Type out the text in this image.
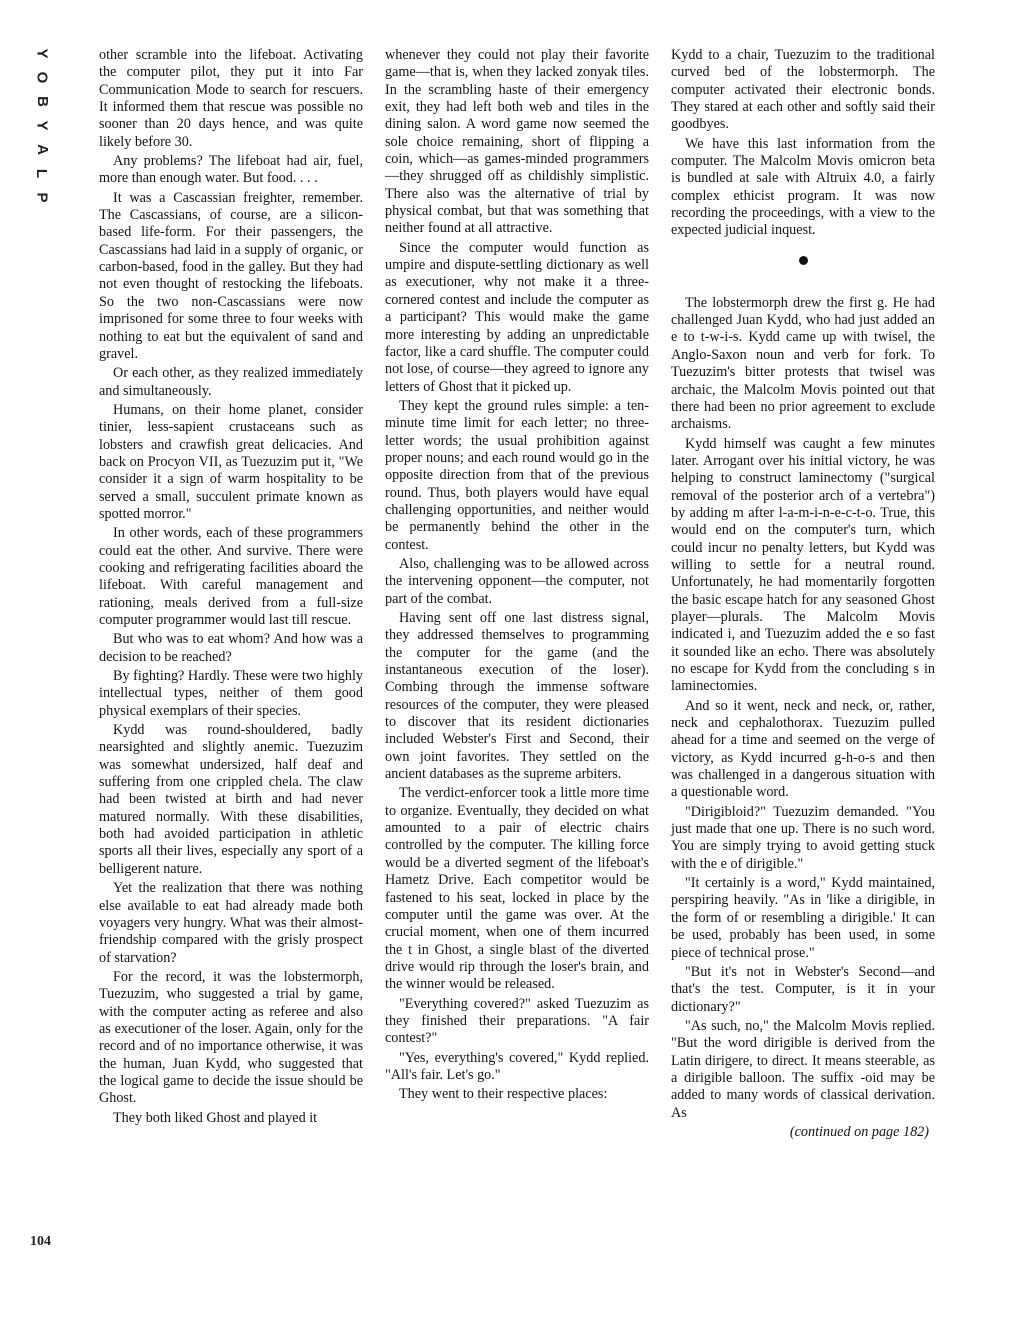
Y
O
B
Y
A
L
P
104

other scramble into the lifeboat. Activating the computer pilot, they put it into Far Communication Mode to search for rescuers. It informed them that rescue was possible no sooner than 20 days hence, and was quite likely before 30.

Any problems? The lifeboat had air, fuel, more than enough water. But food. . . .

It was a Cascassian freighter, remember. The Cascassians, of course, are a silicon-based life-form. For their passengers, the Cascassians had laid in a supply of organic, or carbon-based, food in the galley. But they had not even thought of restocking the lifeboats. So the two non-Cascassians were now imprisoned for some three to four weeks with nothing to eat but the equivalent of sand and gravel.

Or each other, as they realized immediately and simultaneously.

Humans, on their home planet, consider tinier, less-sapient crustaceans such as lobsters and crawfish great delicacies. And back on Procyon VII, as Tuezuzim put it, "We consider it a sign of warm hospitality to be served a small, succulent primate known as spotted morror."

In other words, each of these programmers could eat the other. And survive. There were cooking and refrigerating facilities aboard the lifeboat. With careful management and rationing, meals derived from a full-size computer programmer would last till rescue.

But who was to eat whom? And how was a decision to be reached?

By fighting? Hardly. These were two highly intellectual types, neither of them good physical exemplars of their species.

Kydd was round-shouldered, badly nearsighted and slightly anemic. Tuezuzim was somewhat undersized, half deaf and suffering from one crippled chela. The claw had been twisted at birth and had never matured normally. With these disabilities, both had avoided participation in athletic sports all their lives, especially any sport of a belligerent nature.

Yet the realization that there was nothing else available to eat had already made both voyagers very hungry. What was their almost-friendship compared with the grisly prospect of starvation?

For the record, it was the lobstermorph, Tuezuzim, who suggested a trial by game, with the computer acting as referee and also as executioner of the loser. Again, only for the record and of no importance otherwise, it was the human, Juan Kydd, who suggested that the logical game to decide the issue should be Ghost.

They both liked Ghost and played it

whenever they could not play their favorite game—that is, when they lacked zonyak tiles. In the scrambling haste of their emergency exit, they had left both web and tiles in the dining salon. A word game now seemed the sole choice remaining, short of flipping a coin, which—as games-minded programmers—they shrugged off as childishly simplistic. There also was the alternative of trial by physical combat, but that was something that neither found at all attractive.

Since the computer would function as umpire and dispute-settling dictionary as well as executioner, why not make it a three-cornered contest and include the computer as a participant? This would make the game more interesting by adding an unpredictable factor, like a card shuffle. The computer could not lose, of course—they agreed to ignore any letters of Ghost that it picked up.

They kept the ground rules simple: a ten-minute time limit for each letter; no three-letter words; the usual prohibition against proper nouns; and each round would go in the opposite direction from that of the previous round. Thus, both players would have equal challenging opportunities, and neither would be permanently behind the other in the contest.

Also, challenging was to be allowed across the intervening opponent—the computer, not part of the combat.

Having sent off one last distress signal, they addressed themselves to programming the computer for the game (and the instantaneous execution of the loser). Combing through the immense software resources of the computer, they were pleased to discover that its resident dictionaries included Webster's First and Second, their own joint favorites. They settled on the ancient databases as the supreme arbiters.

The verdict-enforcer took a little more time to organize. Eventually, they decided on what amounted to a pair of electric chairs controlled by the computer. The killing force would be a diverted segment of the lifeboat's Hametz Drive. Each competitor would be fastened to his seat, locked in place by the computer until the game was over. At the crucial moment, when one of them incurred the t in Ghost, a single blast of the diverted drive would rip through the loser's brain, and the winner would be released.

"Everything covered?" asked Tuezuzim as they finished their preparations. "A fair contest?"

"Yes, everything's covered," Kydd replied. "All's fair. Let's go."

They went to their respective places:

Kydd to a chair, Tuezuzim to the traditional curved bed of the lobstermorph. The computer activated their electronic bonds. They stared at each other and softly said their goodbyes.

We have this last information from the computer. The Malcolm Movis omicron beta is bundled at sale with Altruix 4.0, a fairly complex ethicist program. It was now recording the proceedings, with a view to the expected judicial inquest.

The lobstermorph drew the first g. He had challenged Juan Kydd, who had just added an e to t-w-i-s. Kydd came up with twisel, the Anglo-Saxon noun and verb for fork. To Tuezuzim's bitter protests that twisel was archaic, the Malcolm Movis pointed out that there had been no prior agreement to exclude archaisms.

Kydd himself was caught a few minutes later. Arrogant over his initial victory, he was helping to construct laminectomy ("surgical removal of the posterior arch of a vertebra") by adding m after l-a-m-i-n-e-c-t-o. True, this would end on the computer's turn, which could incur no penalty letters, but Kydd was willing to settle for a neutral round. Unfortunately, he had momentarily forgotten the basic escape hatch for any seasoned Ghost player—plurals. The Malcolm Movis indicated i, and Tuezuzim added the e so fast it sounded like an echo. There was absolutely no escape for Kydd from the concluding s in laminectomies.

And so it went, neck and neck, or, rather, neck and cephalothorax. Tuezuzim pulled ahead for a time and seemed on the verge of victory, as Kydd incurred g-h-o-s and then was challenged in a dangerous situation with a questionable word.

"Dirigibloid?" Tuezuzim demanded. "You just made that one up. There is no such word. You are simply trying to avoid getting stuck with the e of dirigible."

"It certainly is a word," Kydd maintained, perspiring heavily. "As in 'like a dirigible, in the form of or resembling a dirigible.' It can be used, probably has been used, in some piece of technical prose."

"But it's not in Webster's Second—and that's the test. Computer, is it in your dictionary?"

"As such, no," the Malcolm Movis replied. "But the word dirigible is derived from the Latin dirigere, to direct. It means steerable, as a dirigible balloon. The suffix -oid may be added to many words of classical derivation. As

(continued on page 182)
